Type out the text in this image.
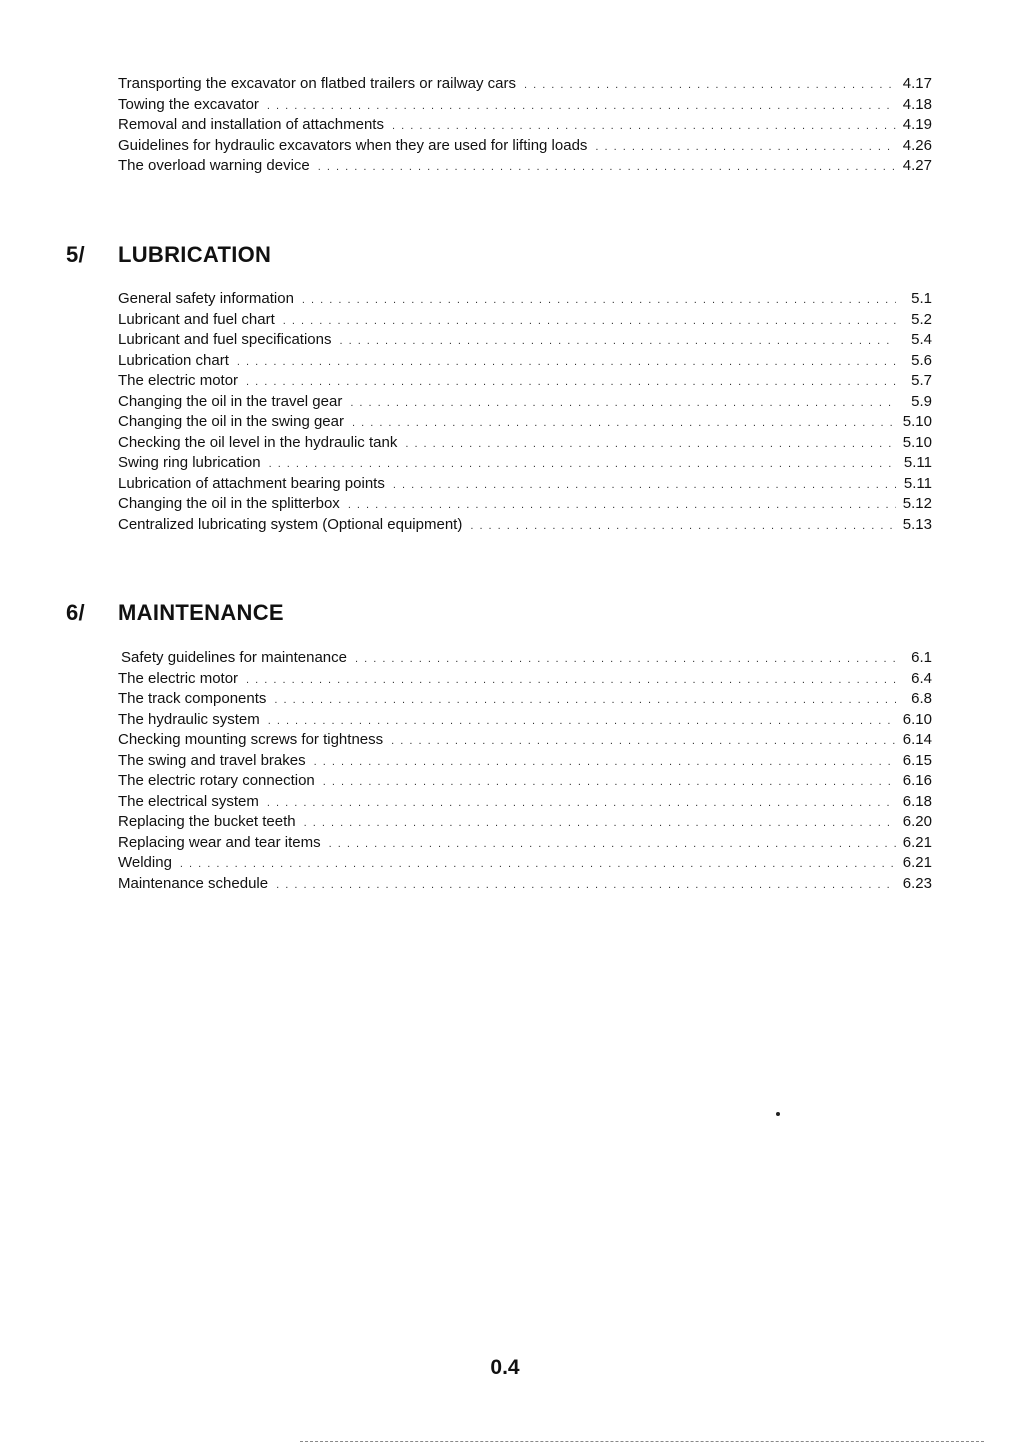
Transporting the excavator on flatbed trailers or railway cars . . .	4.17
Towing the excavator . . .	4.18
Removal and installation of attachments . . .	4.19
Guidelines for hydraulic excavators when they are used for lifting loads . . .	4.26
The overload warning device . . .	4.27
5/	LUBRICATION
General safety information . . .	5.1
Lubricant and fuel chart . . .	5.2
Lubricant and fuel specifications . . .	5.4
Lubrication chart . . .	5.6
The electric motor . . .	5.7
Changing the oil in the travel gear . . .	5.9
Changing the oil in the swing gear . . .	5.10
Checking the oil level in the hydraulic tank . . .	5.10
Swing ring lubrication . . .	5.11
Lubrication of attachment bearing points . . .	5.11
Changing the oil in the splitterbox . . .	5.12
Centralized lubricating system (Optional equipment) . . .	5.13
6/	MAINTENANCE
Safety guidelines for maintenance . . .	6.1
The electric motor . . .	6.4
The track components . . .	6.8
The hydraulic system . . .	6.10
Checking mounting screws for tightness . . .	6.14
The swing and travel brakes . . .	6.15
The electric rotary connection . . .	6.16
The electrical system . . .	6.18
Replacing the bucket teeth . . .	6.20
Replacing wear and tear items . . .	6.21
Welding . . .	6.21
Maintenance schedule . . .	6.23
0.4
